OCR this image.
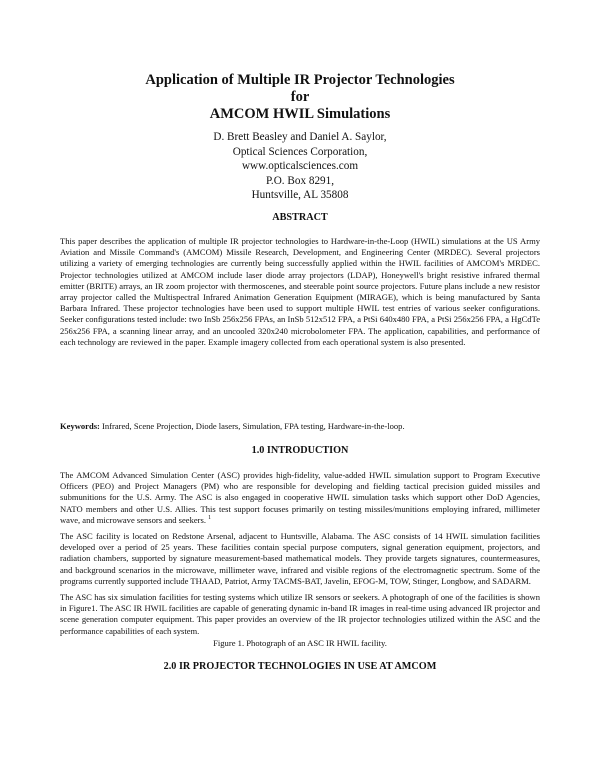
Application of Multiple IR Projector Technologies
for
AMCOM HWIL Simulations
D. Brett Beasley and Daniel A. Saylor,
Optical Sciences Corporation,
www.opticalsciences.com
P.O. Box 8291,
Huntsville, AL 35808
ABSTRACT
This paper describes the application of multiple IR projector technologies to Hardware-in-the-Loop (HWIL) simulations at the US Army Aviation and Missile Command's (AMCOM) Missile Research, Development, and Engineering Center (MRDEC). Several projectors utilizing a variety of emerging technologies are currently being successfully applied within the HWIL facilities of AMCOM's MRDEC. Projector technologies utilized at AMCOM include laser diode array projectors (LDAP), Honeywell's bright resistive infrared thermal emitter (BRITE) arrays, an IR zoom projector with thermoscenes, and steerable point source projectors. Future plans include a new resistor array projector called the Multispectral Infrared Animation Generation Equipment (MIRAGE), which is being manufactured by Santa Barbara Infrared. These projector technologies have been used to support multiple HWIL test entries of various seeker configurations. Seeker configurations tested include: two InSb 256x256 FPAs, an InSb 512x512 FPA, a PtSi 640x480 FPA, a PtSi 256x256 FPA, a HgCdTe 256x256 FPA, a scanning linear array, and an uncooled 320x240 microbolometer FPA. The application, capabilities, and performance of each technology are reviewed in the paper. Example imagery collected from each operational system is also presented.
Keywords: Infrared, Scene Projection, Diode lasers, Simulation, FPA testing, Hardware-in-the-loop.
1.0 INTRODUCTION
The AMCOM Advanced Simulation Center (ASC) provides high-fidelity, value-added HWIL simulation support to Program Executive Officers (PEO) and Project Managers (PM) who are responsible for developing and fielding tactical precision guided missiles and submunitions for the U.S. Army. The ASC is also engaged in cooperative HWIL simulation tasks which support other DoD Agencies, NATO members and other U.S. Allies. This test support focuses primarily on testing missiles/munitions employing infrared, millimeter wave, and microwave sensors and seekers. $^1$
The ASC facility is located on Redstone Arsenal, adjacent to Huntsville, Alabama. The ASC consists of 14 HWIL simulation facilities developed over a period of 25 years. These facilities contain special purpose computers, signal generation equipment, projectors, and radiation chambers, supported by signature measurement-based mathematical models. They provide targets signatures, countermeasures, and background scenarios in the microwave, millimeter wave, infrared and visible regions of the electromagnetic spectrum. Some of the programs currently supported include THAAD, Patriot, Army TACMS-BAT, Javelin, EFOG-M, TOW, Stinger, Longbow, and SADARM.
The ASC has six simulation facilities for testing systems which utilize IR sensors or seekers. A photograph of one of the facilities is shown in Figure1. The ASC IR HWIL facilities are capable of generating dynamic in-band IR images in real-time using advanced IR projector and scene generation computer equipment. This paper provides an overview of the IR projector technologies utilized within the ASC and the performance capabilities of each system.
Figure 1. Photograph of an ASC IR HWIL facility.
2.0 IR PROJECTOR TECHNOLOGIES IN USE AT AMCOM
